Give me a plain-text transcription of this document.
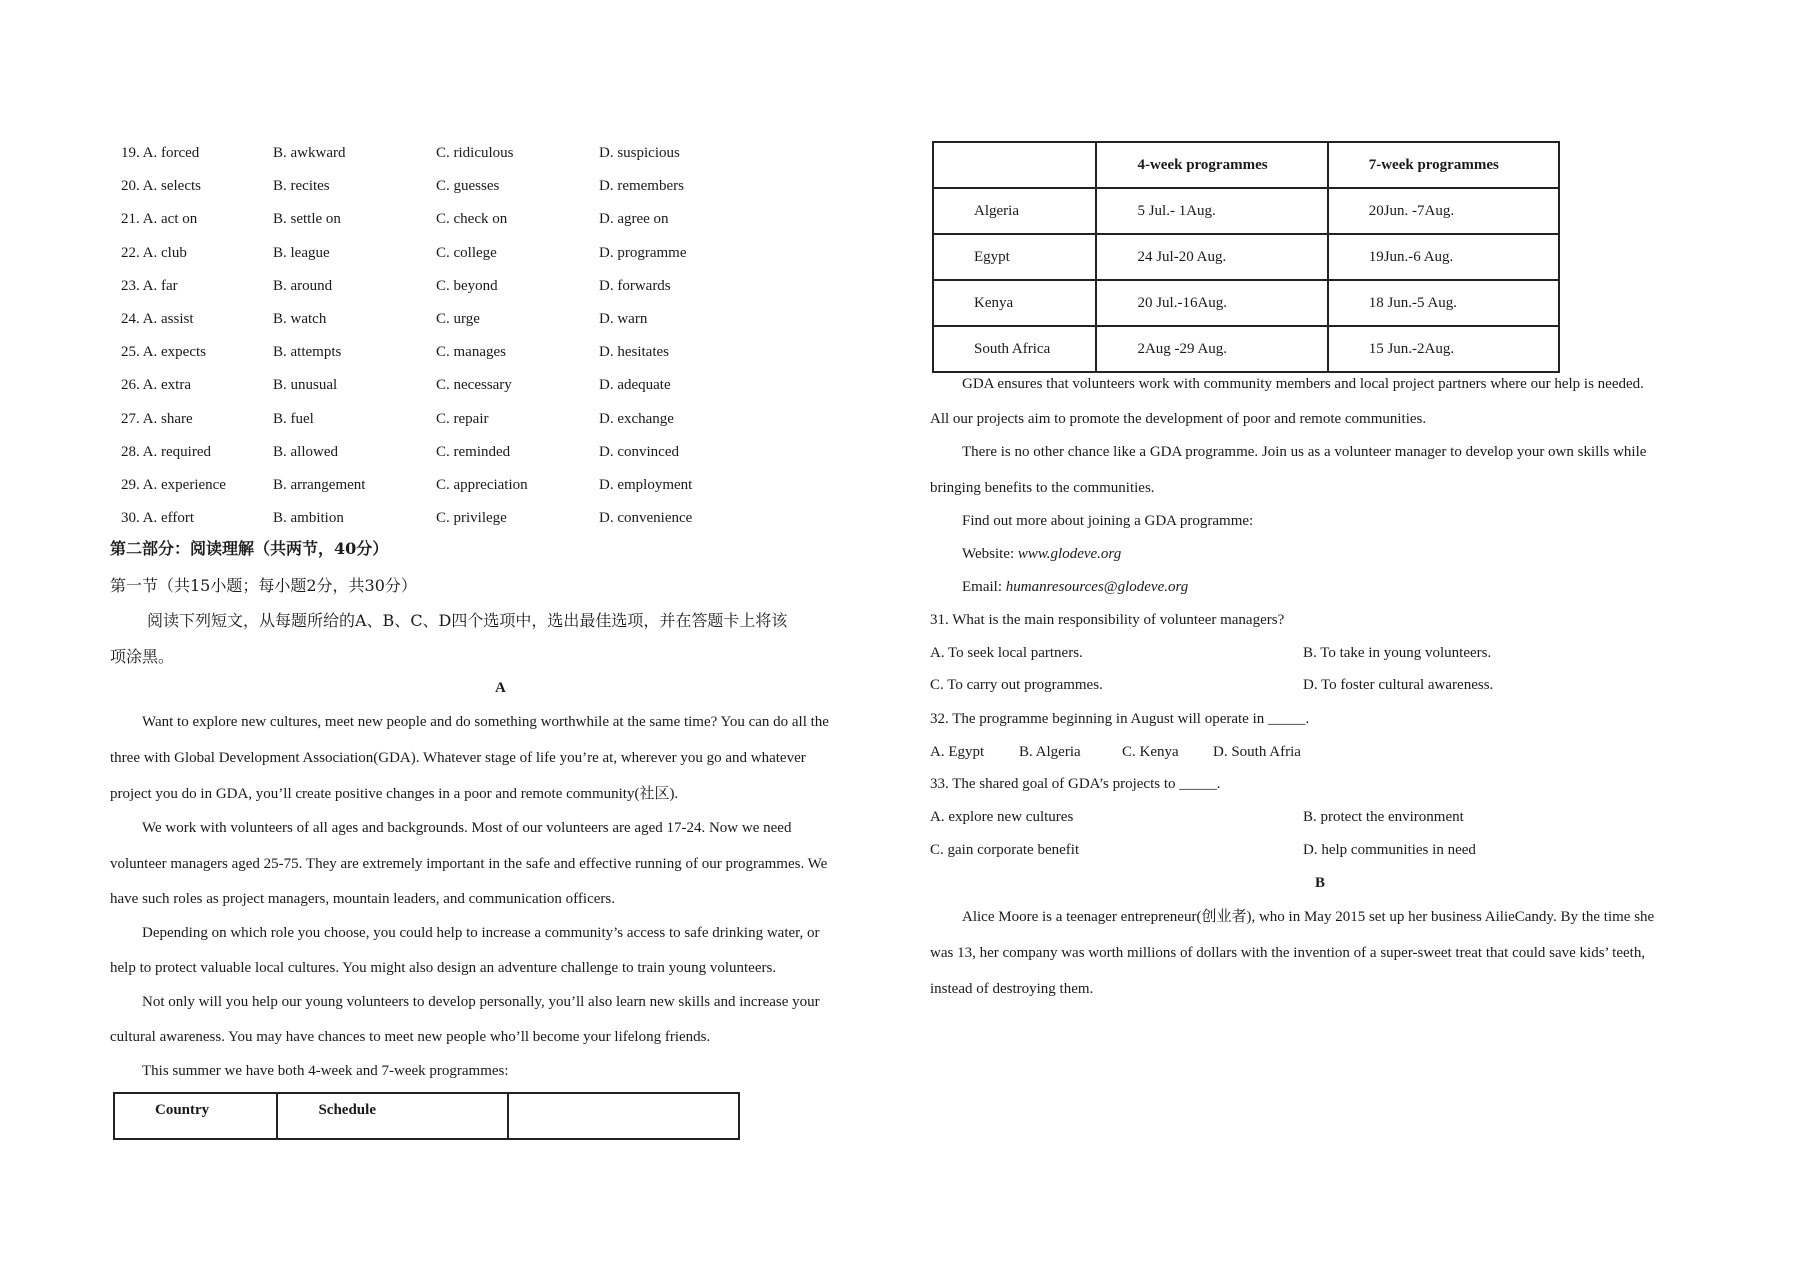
19. A. forced	B. awkward	C. ridiculous	D. suspicious
20. A. selects	B. recites	C. guesses	D. remembers
21. A. act on	B. settle on	C. check on	D. agree on
22. A. club	B. league	C. college	D. programme
23. A. far	B. around	C. beyond	D. forwards
24. A. assist	B. watch	C. urge	D. warn
25. A. expects	B. attempts	C. manages	D. hesitates
26. A. extra	B. unusual	C. necessary	D. adequate
27. A. share	B. fuel	C. repair	D. exchange
28. A. required	B. allowed	C. reminded	D. convinced
29. A. experience	B. arrangement	C. appreciation	D. employment
30. A. effort	B. ambition	C. privilege	D. convenience
第二部分：阅读理解（共两节，40分）
第一节（共15小题；每小题2分，共30分）
阅读下列短文，从每题所给的A、B、C、D四个选项中，选出最佳选项，并在答题卡上将该
项涂黑。
A
Want to explore new cultures, meet new people and do something worthwhile at the same time? You can do all the
three with Global Development Association(GDA). Whatever stage of life you’re at, wherever you go and whatever
project you do in GDA, you’ll create positive changes in a poor and remote community(社区).
We work with volunteers of all ages and backgrounds. Most of our volunteers are aged 17-24. Now we need
volunteer managers aged 25-75. They are extremely important in the safe and effective running of our programmes. We
have such roles as project managers, mountain leaders, and communication officers.
Depending on which role you choose, you could help to increase a community’s access to safe drinking water, or
help to protect valuable local cultures. You might also design an adventure challenge to train young volunteers.
Not only will you help our young volunteers to develop personally, you’ll also learn new skills and increase your
cultural awareness. You may have chances to meet new people who’ll become your lifelong friends.
This summer we have both 4-week and 7-week programmes:
Country	Schedule	
	4-week programmes	7-week programmes
Algeria	5 Jul.- 1Aug.	20Jun. -7Aug.
Egypt	24 Jul-20 Aug.	19Jun.-6 Aug.
Kenya	20 Jul.-16Aug.	18 Jun.-5 Aug.
South Africa	2Aug -29 Aug.	15 Jun.-2Aug.
GDA ensures that volunteers work with community members and local project partners where our help is needed.
All our projects aim to promote the development of poor and remote communities.
There is no other chance like a GDA programme. Join us as a volunteer manager to develop your own skills while
bringing benefits to the communities.
Find out more about joining a GDA programme:
Website: www.glodeve.org
Email: humanresources@glodeve.org
31. What is the main responsibility of volunteer managers?
A. To seek local partners.	B. To take in young volunteers.
C. To carry out programmes.	D. To foster cultural awareness.
32. The programme beginning in August will operate in _____.
A. Egypt B. Algeria	C. Kenya D. South Afria
33. The shared goal of GDA’s projects to _____.
A. explore new cultures	B. protect the environment
C. gain corporate benefit	D. help communities in need
B
Alice Moore is a teenager entrepreneur(创业者), who in May 2015 set up her business AilieCandy. By the time she
was 13, her company was worth millions of dollars with the invention of a super-sweet treat that could save kids’ teeth,
instead of destroying them.
